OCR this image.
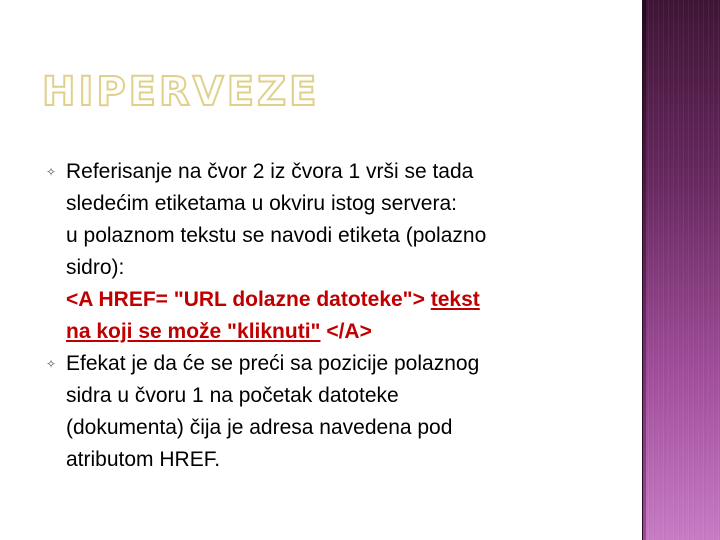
HIPERVEZE
✧ Referisanje na čvor 2 iz čvora 1 vrši se tada
sledećim etiketama u okviru istog servera:
u polaznom tekstu se navodi etiketa (polazno
sidro):
<A HREF= "URL dolazne datoteke"> tekst
na koji se može "kliknuti" </A>
✧ Efekat je da će se preći sa pozicije polaznog
sidra u čvoru 1 na početak datoteke
(dokumenta) čija je adresa navedena pod
atributom HREF.
